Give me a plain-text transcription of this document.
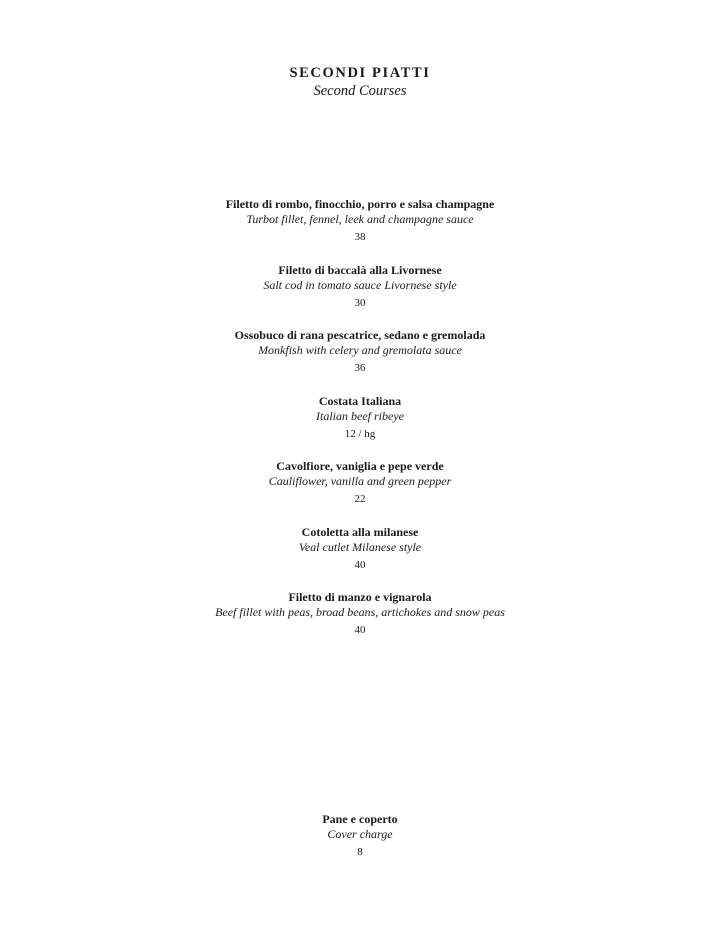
SECONDI PIATTI
Second Courses
Filetto di rombo, finocchio, porro e salsa champagne
Turbot fillet, fennel, leek and champagne sauce
38
Filetto di baccalà alla Livornese
Salt cod in tomato sauce Livornese style
30
Ossobuco di rana pescatrice, sedano e gremolada
Monkfish with celery and gremolata sauce
36
Costata Italiana
Italian beef ribeye
12 / hg
Cavolfiore, vaniglia e pepe verde
Cauliflower, vanilla and green pepper
22
Cotoletta alla milanese
Veal cutlet Milanese style
40
Filetto di manzo e vignarola
Beef fillet with peas, broad beans, artichokes and snow peas
40
Pane e coperto
Cover charge
8
